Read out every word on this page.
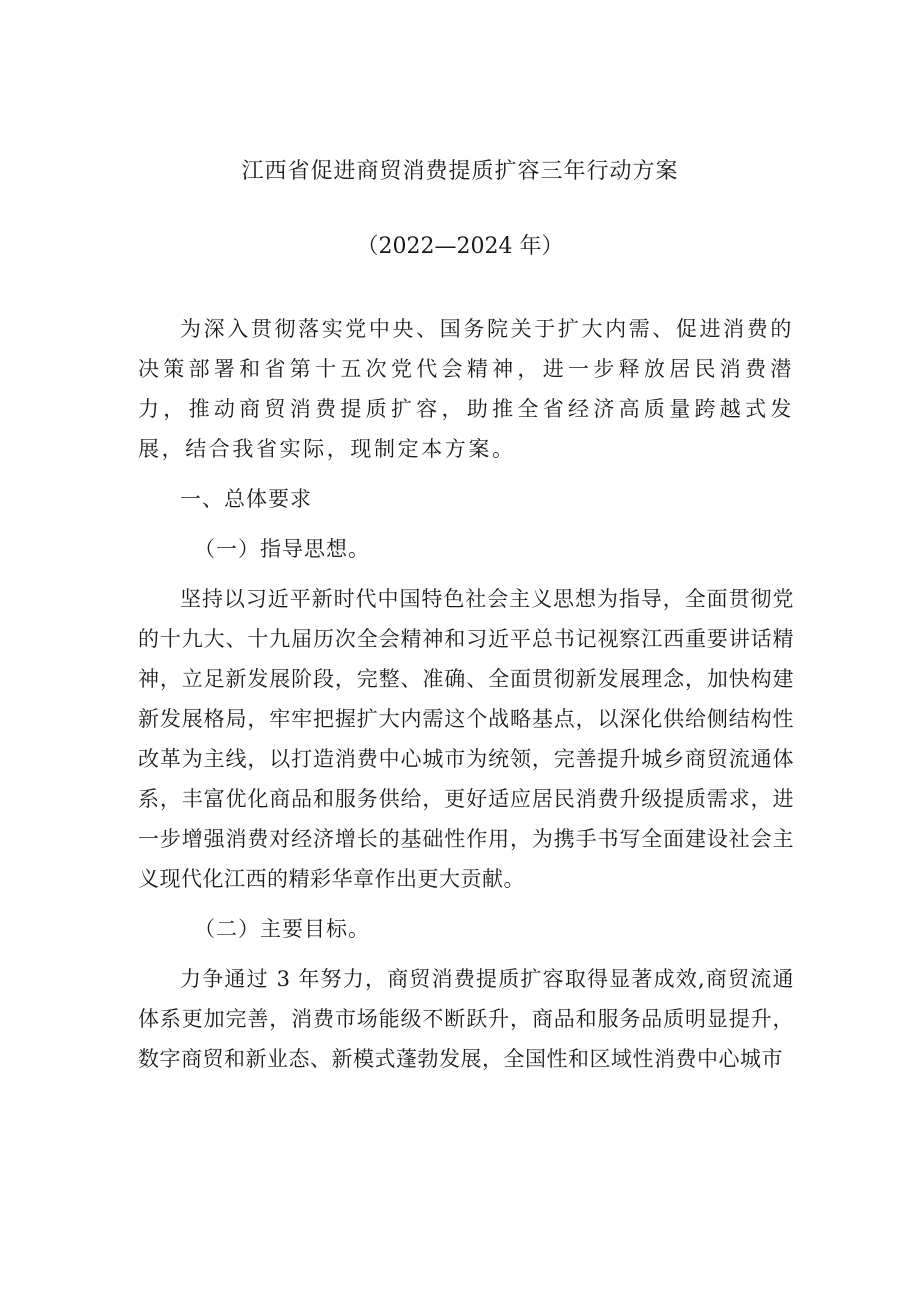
江西省促进商贸消费提质扩容三年行动方案
（2022—2024 年）

为深入贯彻落实党中央、国务院关于扩大内需、促进消费的决策部署和省第十五次党代会精神，进一步释放居民消费潜力，推动商贸消费提质扩容，助推全省经济高质量跨越式发展，结合我省实际，现制定本方案。

一、总体要求

（一）指导思想。

坚持以习近平新时代中国特色社会主义思想为指导，全面贯彻党的十九大、十九届历次全会精神和习近平总书记视察江西重要讲话精神，立足新发展阶段，完整、准确、全面贯彻新发展理念，加快构建新发展格局，牢牢把握扩大内需这个战略基点，以深化供给侧结构性改革为主线，以打造消费中心城市为统领，完善提升城乡商贸流通体系，丰富优化商品和服务供给，更好适应居民消费升级提质需求，进一步增强消费对经济增长的基础性作用，为携手书写全面建设社会主义现代化江西的精彩华章作出更大贡献。

（二）主要目标。

力争通过 3 年努力，商贸消费提质扩容取得显著成效,商贸流通体系更加完善，消费市场能级不断跃升，商品和服务品质明显提升，数字商贸和新业态、新模式蓬勃发展，全国性和区域性消费中心城市
